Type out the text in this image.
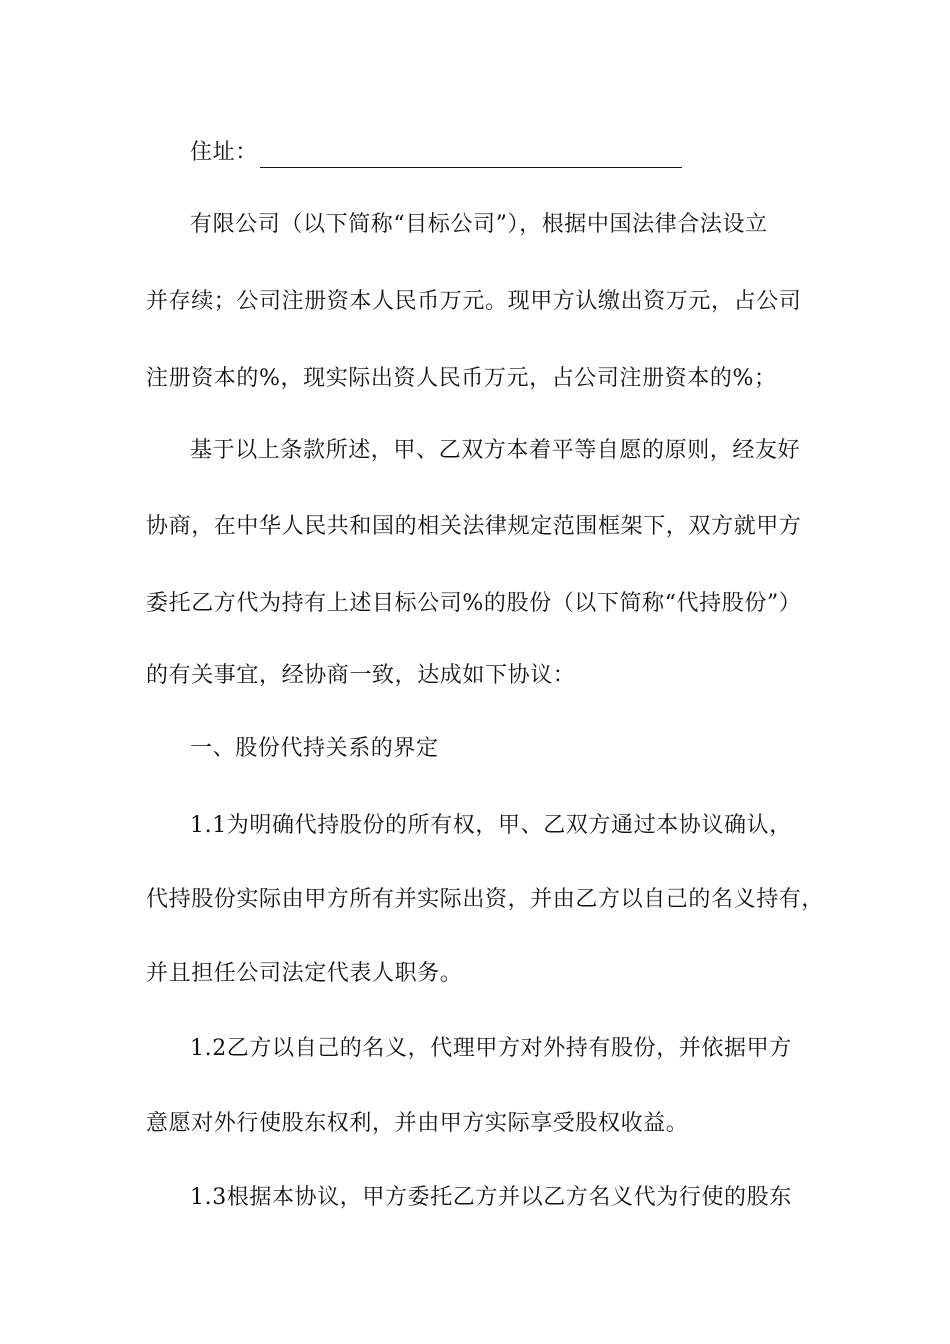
住址：
有限公司（以下简称“目标公司”），根据中国法律合法设立
并存续；公司注册资本人民币万元。现甲方认缴出资万元，占公司
注册资本的%，现实际出资人民币万元，占公司注册资本的%；
基于以上条款所述，甲、乙双方本着平等自愿的原则，经友好
协商，在中华人民共和国的相关法律规定范围框架下，双方就甲方
委托乙方代为持有上述目标公司%的股份（以下简称“代持股份”）
的有关事宜，经协商一致，达成如下协议：
一、股份代持关系的界定
1.1为明确代持股份的所有权，甲、乙双方通过本协议确认，
代持股份实际由甲方所有并实际出资，并由乙方以自己的名义持有，
并且担任公司法定代表人职务。
1.2乙方以自己的名义，代理甲方对外持有股份，并依据甲方
意愿对外行使股东权利，并由甲方实际享受股权收益。
1.3根据本协议，甲方委托乙方并以乙方名义代为行使的股东
